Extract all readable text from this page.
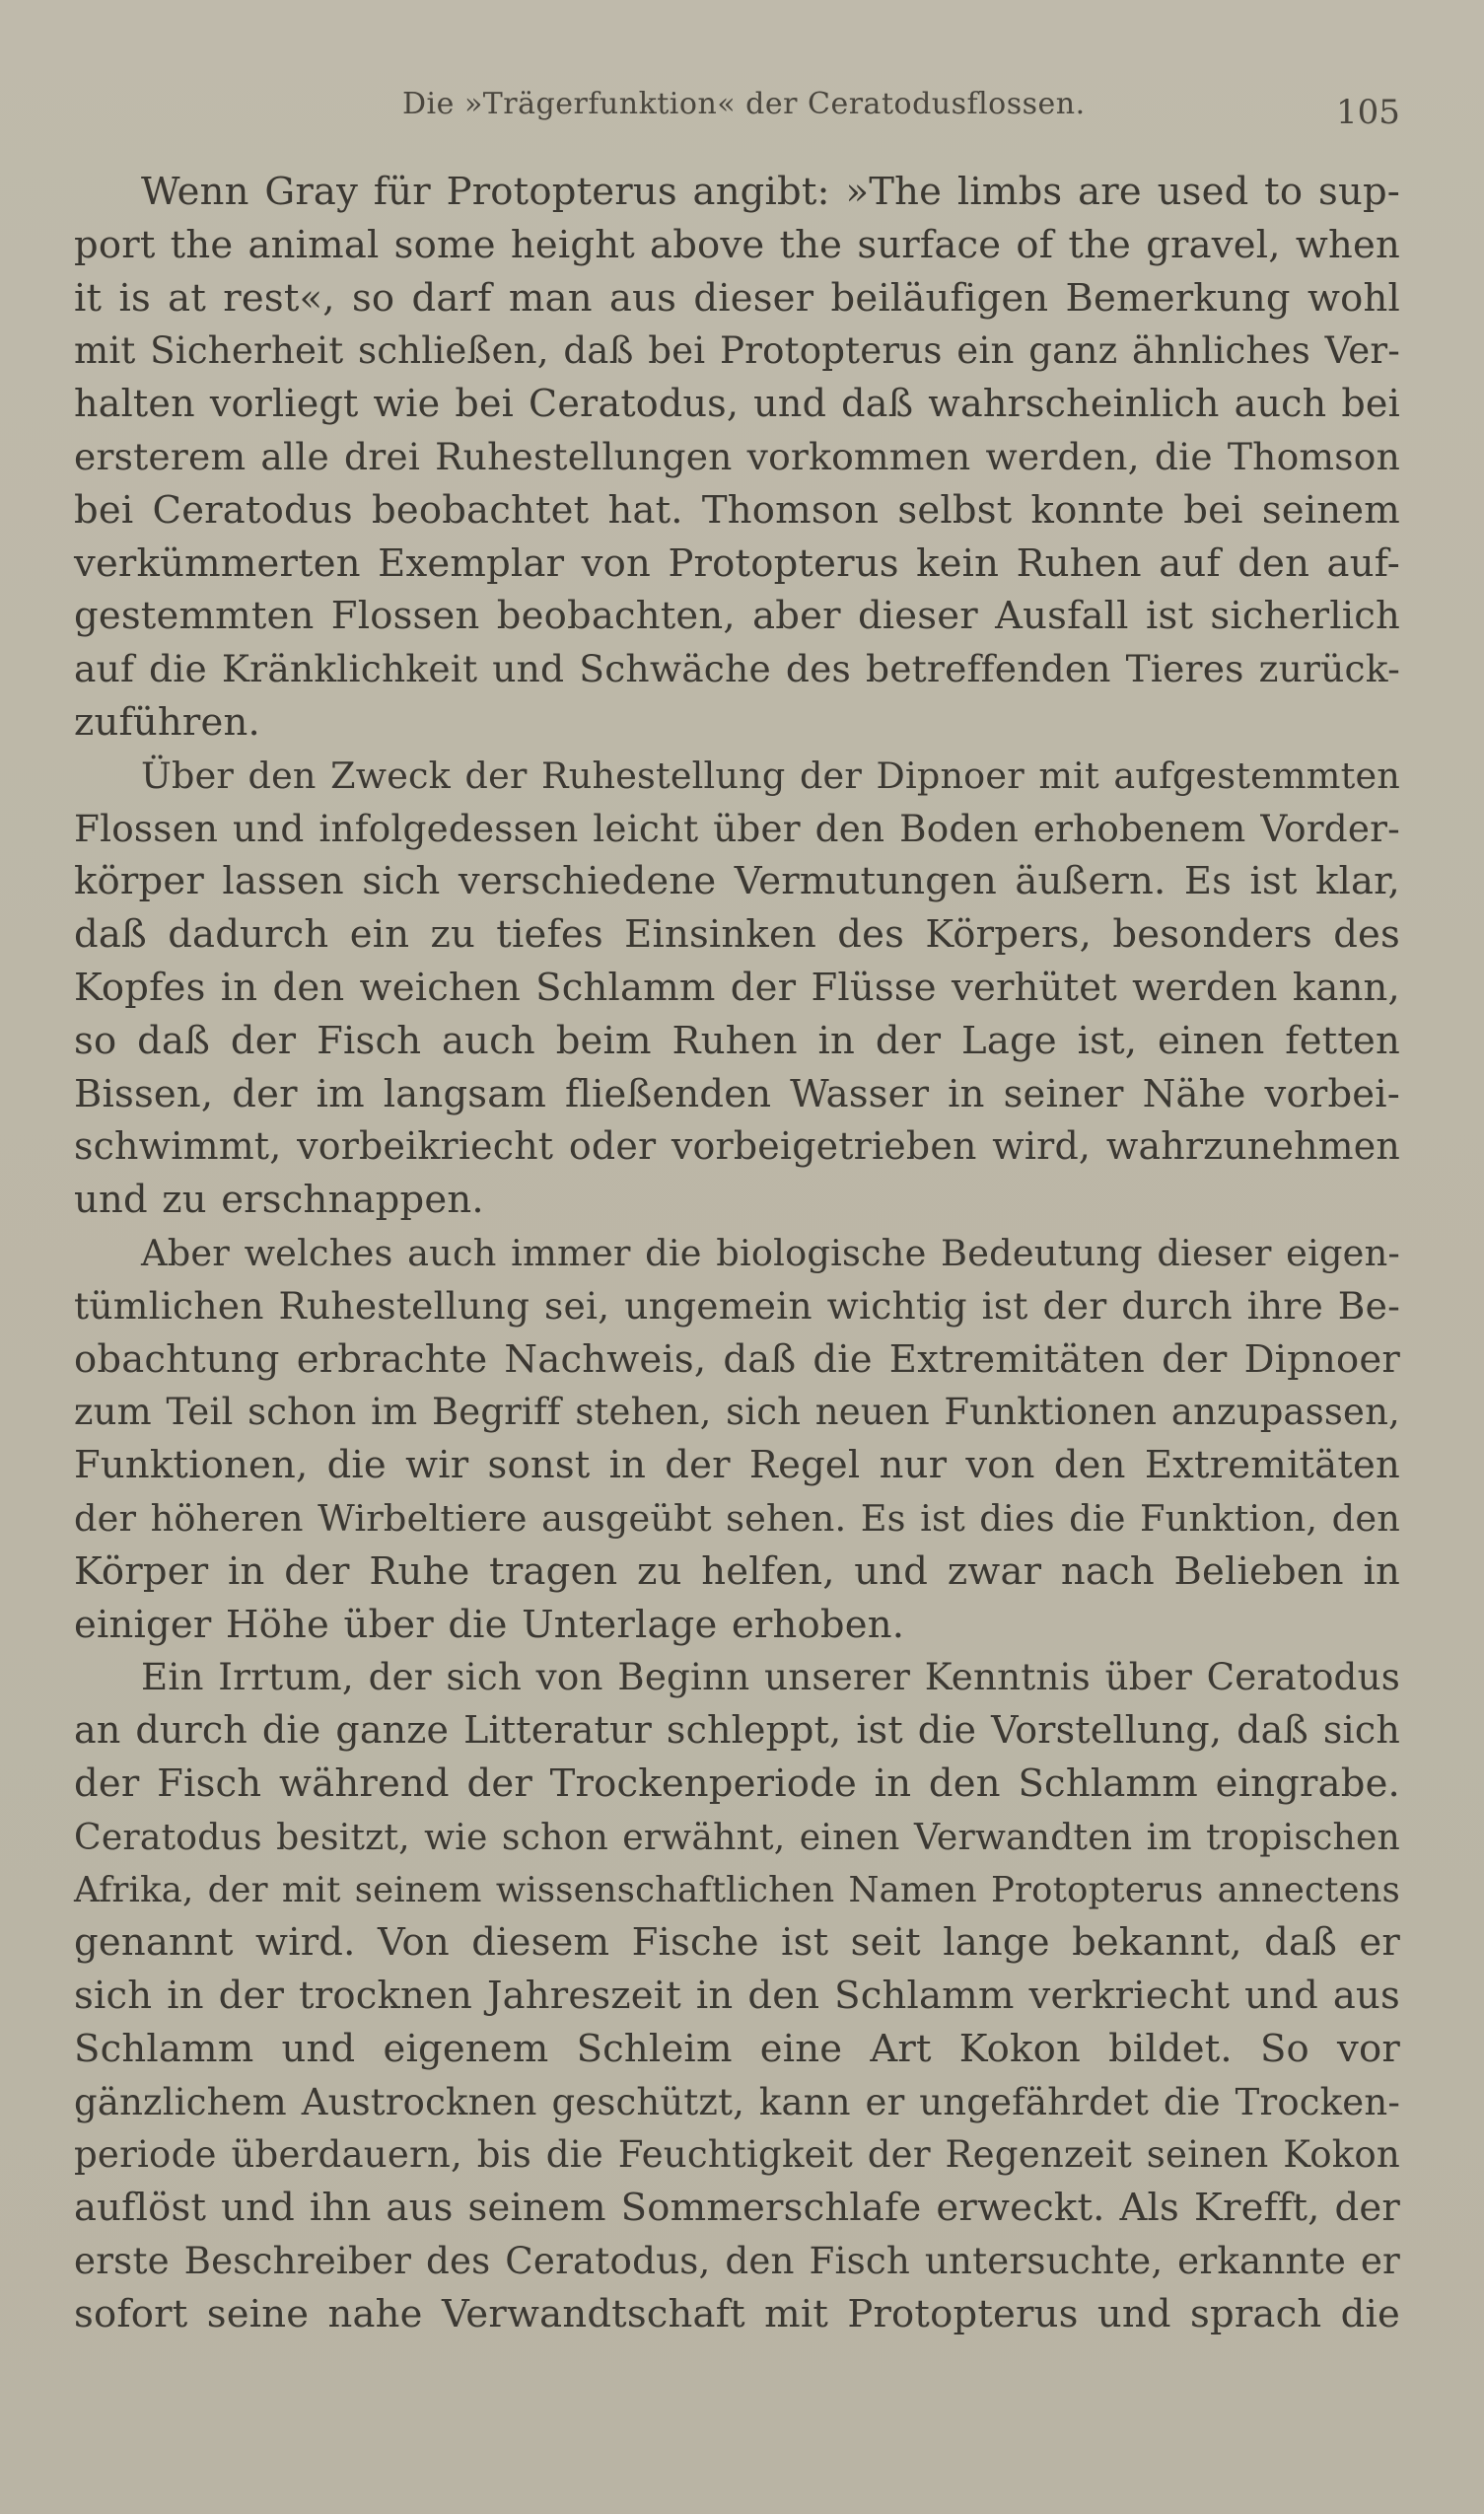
Die »Trägerfunktion« der Ceratodusflossen.	105
Wenn Gray für Protopterus angibt: »The limbs are used to sup-
port the animal some height above the surface of the gravel, when
it is at rest«, so darf man aus dieser beiläufigen Bemerkung wohl
mit Sicherheit schließen, daß bei Protopterus ein ganz ähnliches Ver-
halten vorliegt wie bei Ceratodus, und daß wahrscheinlich auch bei
ersterem alle drei Ruhestellungen vorkommen werden, die Thomson
bei Ceratodus beobachtet hat. Thomson selbst konnte bei seinem
verkümmerten Exemplar von Protopterus kein Ruhen auf den auf-
gestemmten Flossen beobachten, aber dieser Ausfall ist sicherlich
auf die Kränklichkeit und Schwäche des betreffenden Tieres zurück-
zuführen.
Über den Zweck der Ruhestellung der Dipnoer mit aufgestemmten
Flossen und infolgedessen leicht über den Boden erhobenem Vorder-
körper lassen sich verschiedene Vermutungen äußern. Es ist klar,
daß dadurch ein zu tiefes Einsinken des Körpers, besonders des
Kopfes in den weichen Schlamm der Flüsse verhütet werden kann,
so daß der Fisch auch beim Ruhen in der Lage ist, einen fetten
Bissen, der im langsam fließenden Wasser in seiner Nähe vorbei-
schwimmt, vorbeikriecht oder vorbeigetrieben wird, wahrzunehmen
und zu erschnappen.
Aber welches auch immer die biologische Bedeutung dieser eigen-
tümlichen Ruhestellung sei, ungemein wichtig ist der durch ihre Be-
obachtung erbrachte Nachweis, daß die Extremitäten der Dipnoer
zum Teil schon im Begriff stehen, sich neuen Funktionen anzupassen,
Funktionen, die wir sonst in der Regel nur von den Extremitäten
der höheren Wirbeltiere ausgeübt sehen. Es ist dies die Funktion, den
Körper in der Ruhe tragen zu helfen, und zwar nach Belieben in
einiger Höhe über die Unterlage erhoben.
Ein Irrtum, der sich von Beginn unserer Kenntnis über Ceratodus
an durch die ganze Litteratur schleppt, ist die Vorstellung, daß sich
der Fisch während der Trockenperiode in den Schlamm eingrabe.
Ceratodus besitzt, wie schon erwähnt, einen Verwandten im tropischen
Afrika, der mit seinem wissenschaftlichen Namen Protopterus annectens
genannt wird. Von diesem Fische ist seit lange bekannt, daß er
sich in der trocknen Jahreszeit in den Schlamm verkriecht und aus
Schlamm und eigenem Schleim eine Art Kokon bildet. So vor
gänzlichem Austrocknen geschützt, kann er ungefährdet die Trocken-
periode überdauern, bis die Feuchtigkeit der Regenzeit seinen Kokon
auflöst und ihn aus seinem Sommerschlafe erweckt. Als Krefft, der
erste Beschreiber des Ceratodus, den Fisch untersuchte, erkannte er
sofort seine nahe Verwandtschaft mit Protopterus und sprach die
